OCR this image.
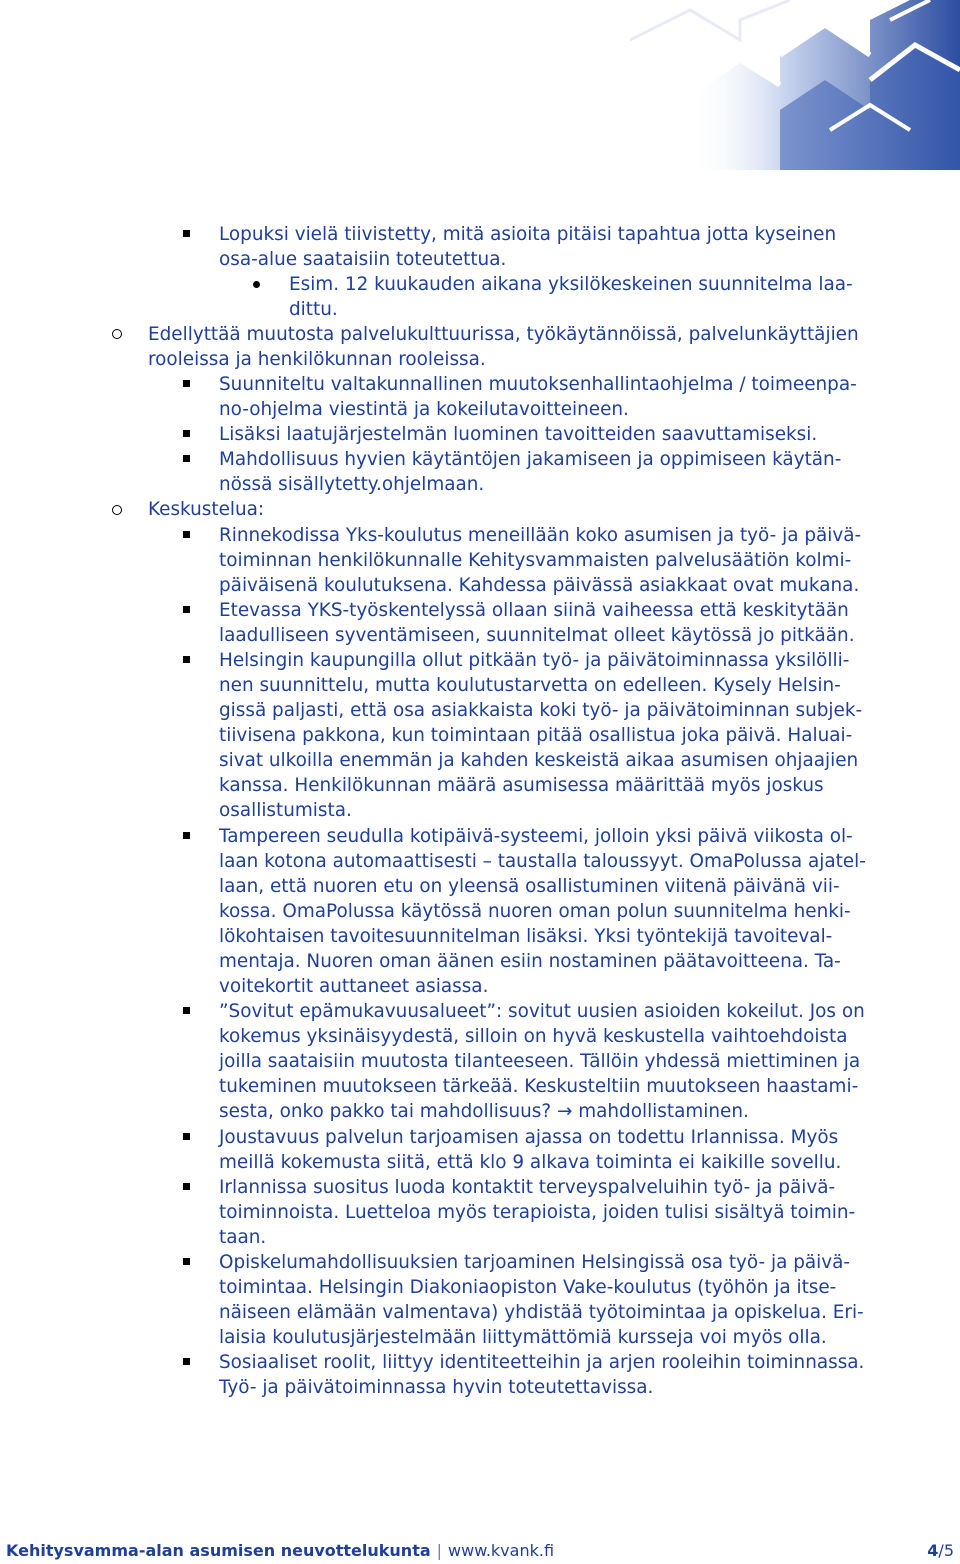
Lopuksi vielä tiivistetty, mitä asioita pitäisi tapahtua jotta kyseinen
osa-alue saataisiin toteutettua.
Esim. 12 kuukauden aikana yksilökeskeinen suunnitelma laa-
dittu.
Edellyttää muutosta palvelukulttuurissa, työkäytännöissä, palvelunkäyttäjien
rooleissa ja henkilökunnan rooleissa.
Suunniteltu valtakunnallinen muutoksenhallintaohjelma / toimeenpa-
no-ohjelma viestintä ja kokeilutavoitteineen.
Lisäksi laatujärjestelmän luominen tavoitteiden saavuttamiseksi.
Mahdollisuus hyvien käytäntöjen jakamiseen ja oppimiseen käytän-
nössä sisällytetty.ohjelmaan.
Keskustelua:
Rinnekodissa Yks-koulutus meneillään koko asumisen ja työ- ja päivä-
toiminnan henkilökunnalle Kehitysvammaisten palvelusäätiön kolmi-
päiväisenä koulutuksena. Kahdessa päivässä asiakkaat ovat mukana.
Etevassa YKS-työskentelyssä ollaan siinä vaiheessa että keskitytään
laadulliseen syventämiseen, suunnitelmat olleet käytössä jo pitkään.
Helsingin kaupungilla ollut pitkään työ- ja päivätoiminnassa yksilölli-
nen suunnittelu, mutta koulutustarvetta on edelleen. Kysely Helsin-
gissä paljasti, että osa asiakkaista koki työ- ja päivätoiminnan subjek-
tiivisena pakkona, kun toimintaan pitää osallistua joka päivä. Haluai-
sivat ulkoilla enemmän ja kahden keskeistä aikaa asumisen ohjaajien
kanssa. Henkilökunnan määrä asumisessa määrittää myös joskus
osallistumista.
Tampereen seudulla kotipäivä-systeemi, jolloin yksi päivä viikosta ol-
laan kotona automaattisesti – taustalla taloussyyt. OmaPolussa ajatel-
laan, että nuoren etu on yleensä osallistuminen viitenä päivänä vii-
kossa. OmaPolussa käytössä nuoren oman polun suunnitelma henki-
lökohtaisen tavoitesuunnitelman lisäksi. Yksi työntekijä tavoiteval-
mentaja. Nuoren oman äänen esiin nostaminen päätavoitteena. Ta-
voitekortit auttaneet asiassa.
”Sovitut epämukavuusalueet”: sovitut uusien asioiden kokeilut. Jos on
kokemus yksinäisyydestä, silloin on hyvä keskustella vaihtoehdoista
joilla saataisiin muutosta tilanteeseen. Tällöin yhdessä miettiminen ja
tukeminen muutokseen tärkeää. Keskusteltiin muutokseen haastami-
sesta, onko pakko tai mahdollisuus? → mahdollistaminen.
Joustavuus palvelun tarjoamisen ajassa on todettu Irlannissa. Myös
meillä kokemusta siitä, että klo 9 alkava toiminta ei kaikille sovellu.
Irlannissa suositus luoda kontaktit terveyspalveluihin työ- ja päivä-
toiminnoista. Luetteloa myös terapioista, joiden tulisi sisältyä toimin-
taan.
Opiskelumahdollisuuksien tarjoaminen Helsingissä osa työ- ja päivä-
toimintaa. Helsingin Diakoniaopiston Vake-koulutus (työhön ja itse-
näiseen elämään valmentava) yhdistää työtoimintaa ja opiskelua. Eri-
laisia koulutusjärjestelmään liittymättömiä kursseja voi myös olla.
Sosiaaliset roolit, liittyy identiteetteihin ja arjen rooleihin toiminnassa.
Työ- ja päivätoiminnassa hyvin toteutettavissa.
Kehitysvamma-alan asumisen neuvottelukunta | www.kvank.fi	4/5
